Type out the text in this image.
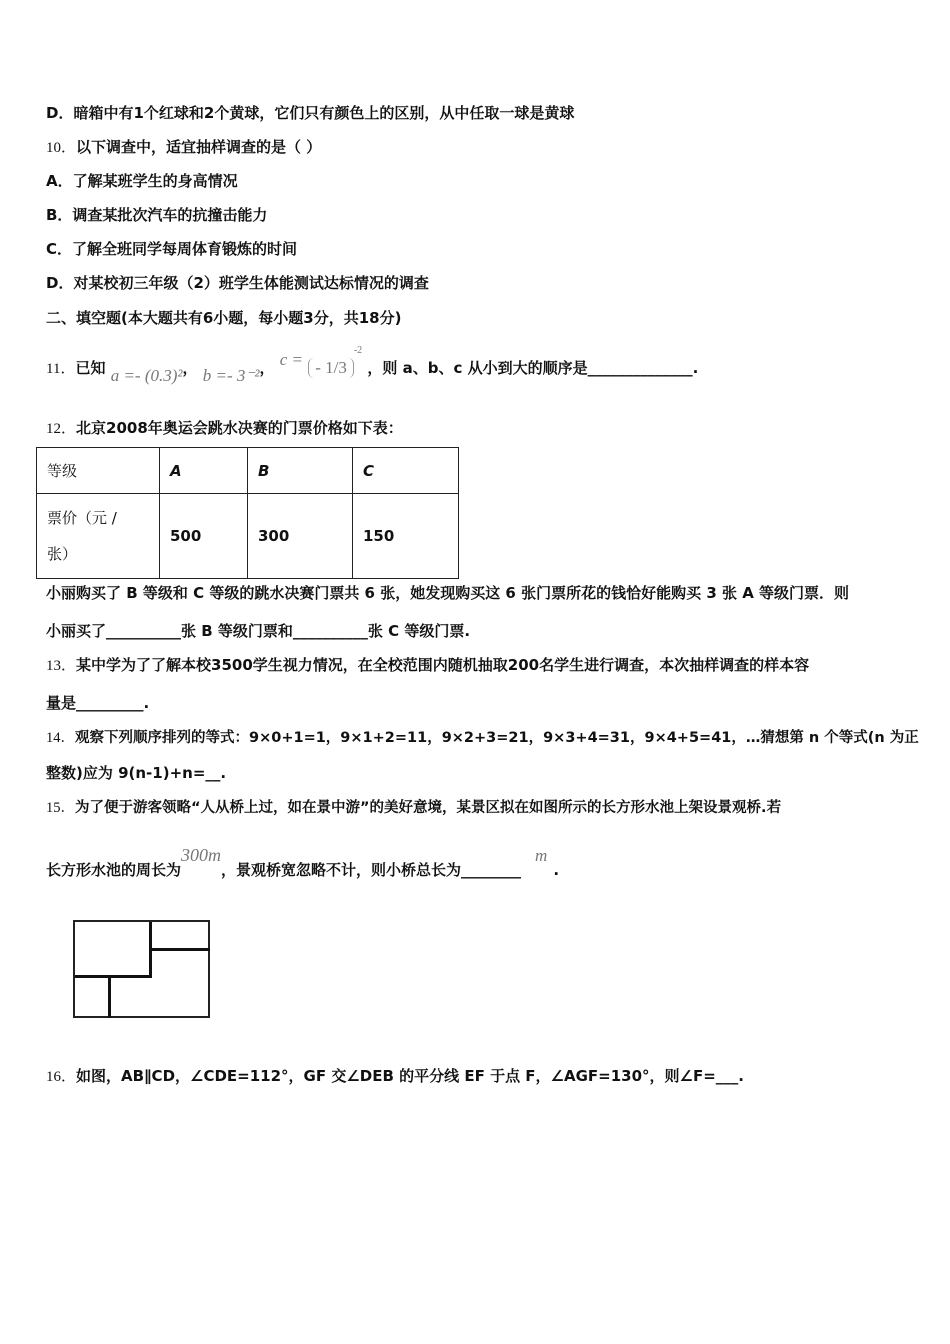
D．暗箱中有1个红球和2个黄球，它们只有颜色上的区别，从中任取一球是黄球
10．以下调查中，适宜抽样调查的是（ ）
A．了解某班学生的身高情况
B．调查某批次汽车的抗撞击能力
C．了解全班同学每周体育锻炼的时间
D．对某校初三年级（2）班学生体能测试达标情况的调查
二、填空题(本大题共有6小题，每小题3分，共18分)
11．已知 a =- (0.3)²， b =- 3⁻²， c = - $1/3^{-2}$ ，则 a、b、c 从小到大的顺序是______________.
12．北京2008年奥运会跳水决赛的门票价格如下表：
等级	A	B	C

票价（元 /
张）	500	300	150
小丽购买了 B 等级和 C 等级的跳水决赛门票共 6 张，她发现购买这 6 张门票所花的钱恰好能购买 3 张 A 等级门票．则
小丽买了__________张 B 等级门票和__________张 C 等级门票.
13．某中学为了了解本校3500学生视力情况，在全校范围内随机抽取200名学生进行调查，本次抽样调查的样本容
量是_________.
14．观察下列顺序排列的等式：9×0+1=1，9×1+2=11，9×2+3=21，9×3+4=31，9×4+5=41，…猜想第 n 个等式(n 为正
整数)应为 9(n-1)+n=__.
15．为了便于游客领略“人从桥上过，如在景中游”的美好意境，某景区拟在如图所示的长方形水池上架设景观桥.若
长方形水池的周长为300m，景观桥宽忽略不计，则小桥总长为________m.
16．如图，AB∥CD，∠CDE=112°，GF 交∠DEB 的平分线 EF 于点 F，∠AGF=130°，则∠F=___.
